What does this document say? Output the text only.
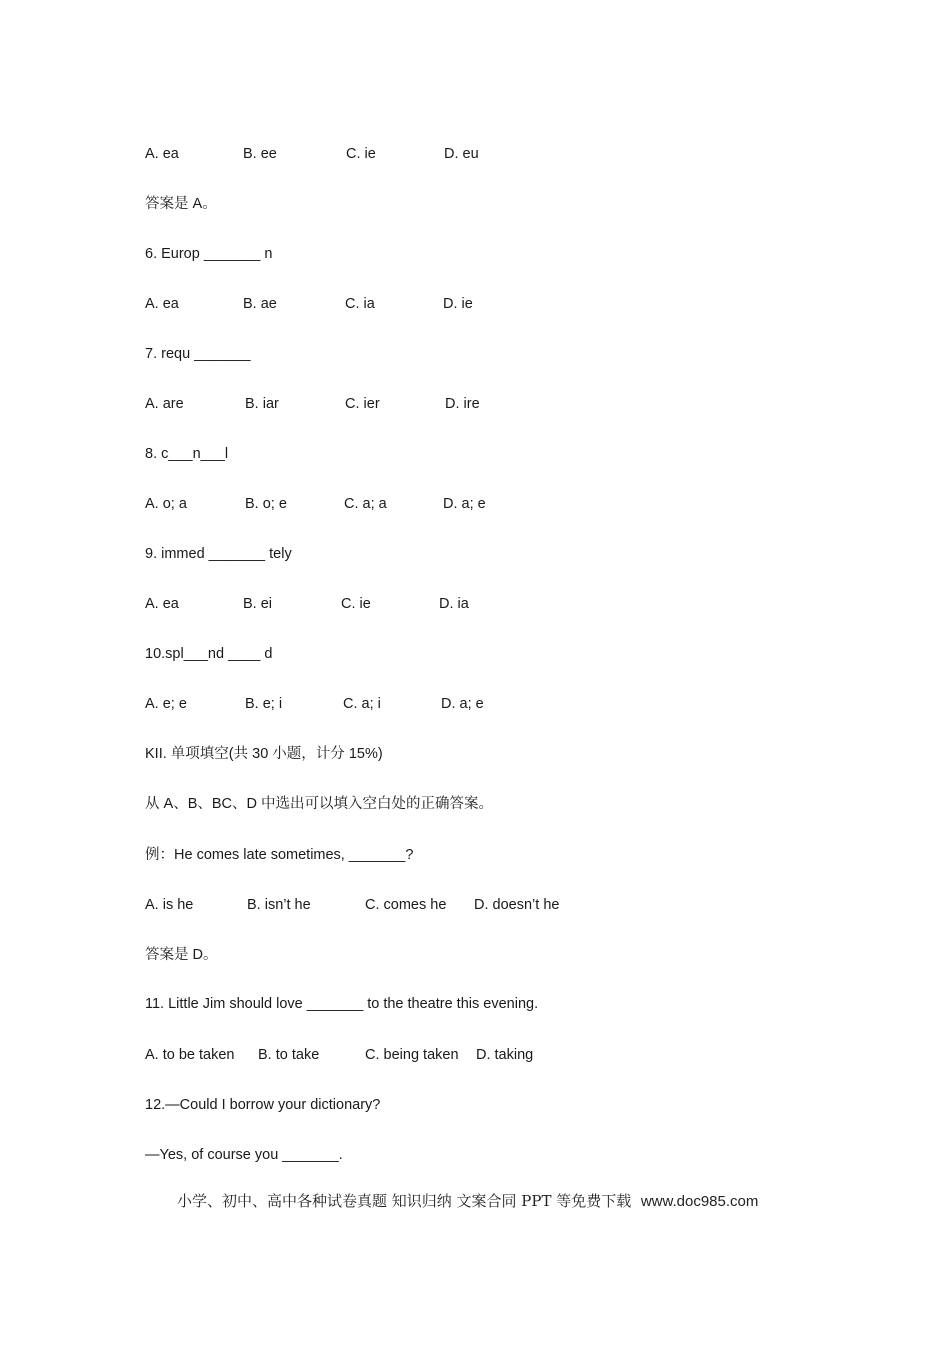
A. ea	B. ee	C. ie	D. eu
答案是 A。
6. Europ _______ n
A. ea	B. ae	C. ia	D. ie
7. requ _______
A. are	B. iar	C. ier	D. ire
8. c___n___l
A. o; a	B. o; e	C. a; a	D. a; e
9. immed _______ tely
A. ea	B. ei	C. ie	D. ia
10.spl___nd ____ d
A. e; e	B. e; i	C. a; i	D. a; e
KII. 单项填空(共 30 小题，计分 15%)
从 A、B、BC、D 中选出可以填入空白处的正确答案。
例：He comes late sometimes, _______?
A. is he	B. isn’t he	C. comes he D. doesn’t he
答案是 D。
11. Little Jim should love _______ to the theatre this evening.
A. to be taken B. to take	C. being taken D. taking
12.—Could I borrow your dictionary?
—Yes, of course you _______.
小学、初中、高中各种试卷真题 知识归纳 文案合同 PPT 等免费下载 www.doc985.com
